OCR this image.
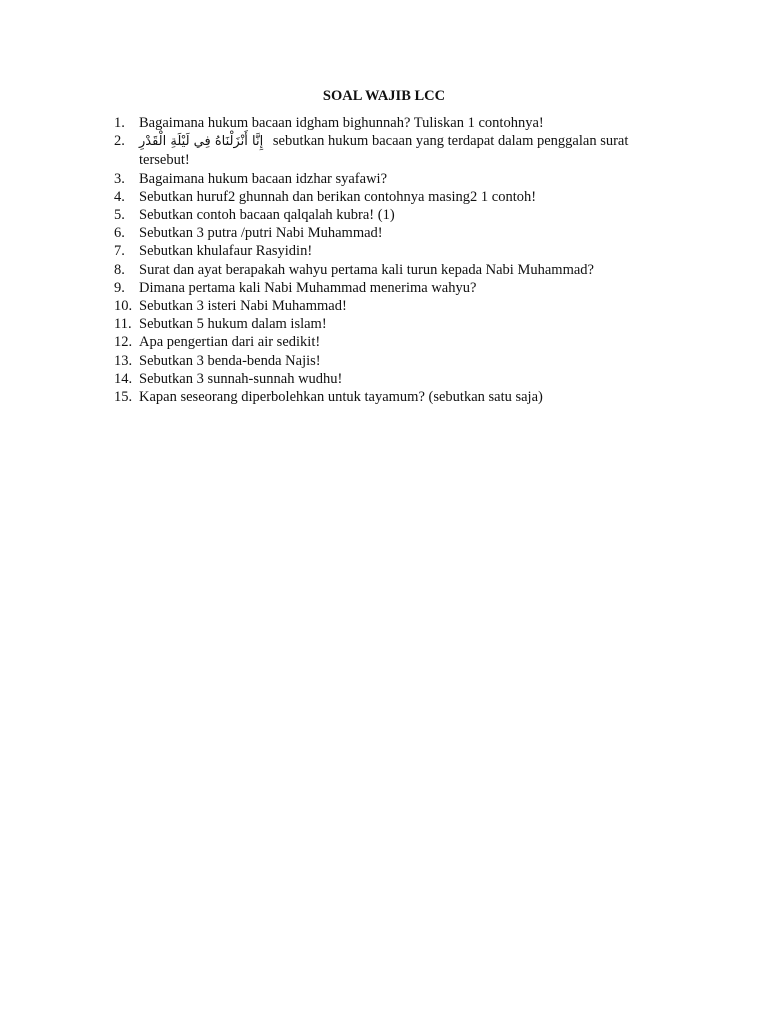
SOAL WAJIB LCC
1. Bagaimana hukum bacaan idgham bighunnah? Tuliskan 1 contohnya!
2. إِنَّا أَنْزَلْنَاهُ فِي لَيْلَةِ الْقَدْرِ sebutkan hukum bacaan yang terdapat dalam penggalan surat tersebut!
3. Bagaimana hukum bacaan idzhar syafawi?
4. Sebutkan huruf2 ghunnah dan berikan contohnya masing2 1 contoh!
5. Sebutkan contoh bacaan qalqalah kubra! (1)
6. Sebutkan 3 putra /putri Nabi Muhammad!
7. Sebutkan khulafaur Rasyidin!
8. Surat dan ayat berapakah wahyu pertama kali turun kepada Nabi Muhammad?
9. Dimana pertama kali Nabi Muhammad menerima wahyu?
10. Sebutkan 3 isteri Nabi Muhammad!
11. Sebutkan 5 hukum dalam islam!
12. Apa pengertian dari air sedikit!
13. Sebutkan 3 benda-benda Najis!
14. Sebutkan 3 sunnah-sunnah wudhu!
15. Kapan seseorang diperbolehkan untuk tayamum? (sebutkan satu saja)
